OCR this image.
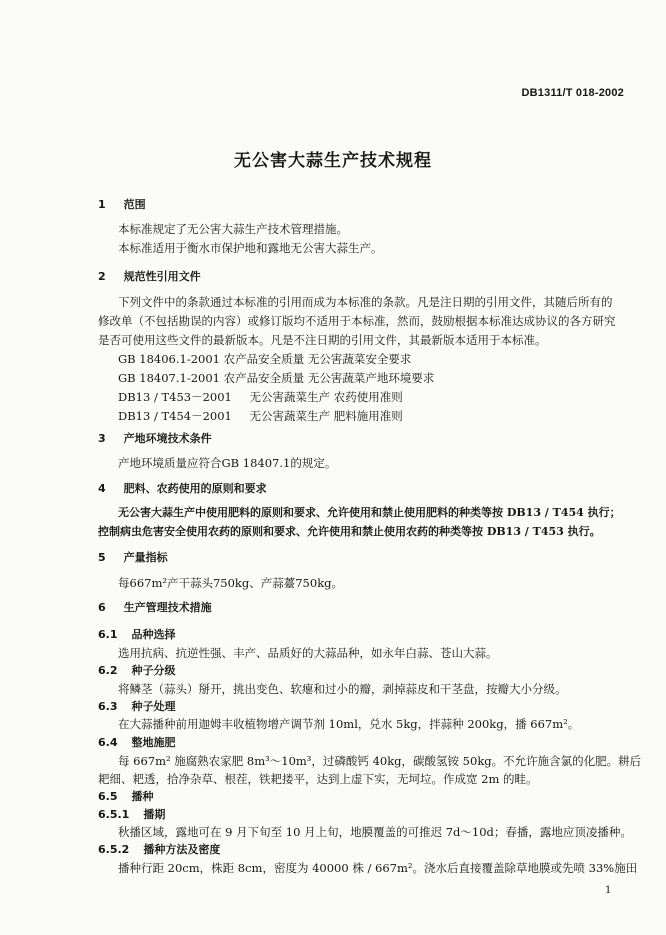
DB1311/T 018-2002
无公害大蒜生产技术规程
1 范围
本标准规定了无公害大蒜生产技术管理措施。
本标准适用于衡水市保护地和露地无公害大蒜生产。
2 规范性引用文件
下列文件中的条款通过本标准的引用而成为本标准的条款。凡是注日期的引用文件，其随后所有的
修改单（不包括勘误的内容）或修订版均不适用于本标准，然而，鼓励根据本标准达成协议的各方研究
是否可使用这些文件的最新版本。凡是不注日期的引用文件，其最新版本适用于本标准。
GB 18406.1-2001 农产品安全质量 无公害蔬菜安全要求
GB 18407.1-2001 农产品安全质量 无公害蔬菜产地环境要求
DB13 / T453－2001 无公害蔬菜生产 农药使用准则
DB13 / T454－2001 无公害蔬菜生产 肥料施用准则
3 产地环境技术条件
产地环境质量应符合GB 18407.1的规定。
4 肥料、农药使用的原则和要求
无公害大蒜生产中使用肥料的原则和要求、允许使用和禁止使用肥料的种类等按 DB13 / T454 执行；
控制病虫危害安全使用农药的原则和要求、允许使用和禁止使用农药的种类等按 DB13 / T453 执行。
5 产量指标
每667m²产干蒜头750kg、产蒜薹750kg。
6 生产管理技术措施
6.1 品种选择
选用抗病、抗逆性强、丰产、品质好的大蒜品种，如永年白蒜、苍山大蒜。
6.2 种子分级
将鳞茎（蒜头）掰开，挑出变色、软瘪和过小的瓣，剥掉蒜皮和干茎盘，按瓣大小分级。
6.3 种子处理
在大蒜播种前用迦姆丰收植物增产调节剂 10ml，兑水 5kg，拌蒜种 200kg，播 667m²。
6.4 整地施肥
每 667m² 施腐熟农家肥 8m³～10m³，过磷酸钙 40kg，碳酸氢铵 50kg。不允许施含氯的化肥。耕后
耙细、耙透，拾净杂草、根茬，铁耙搂平，达到上虚下实，无坷垃。作成宽 2m 的畦。
6.5 播种
6.5.1 播期
秋播区域，露地可在 9 月下旬至 10 月上旬，地膜覆盖的可推迟 7d～10d；春播，露地应顶凌播种。
6.5.2 播种方法及密度
播种行距 20cm，株距 8cm，密度为 40000 株 / 667m²。浇水后直接覆盖除草地膜或先喷 33%施田
1
